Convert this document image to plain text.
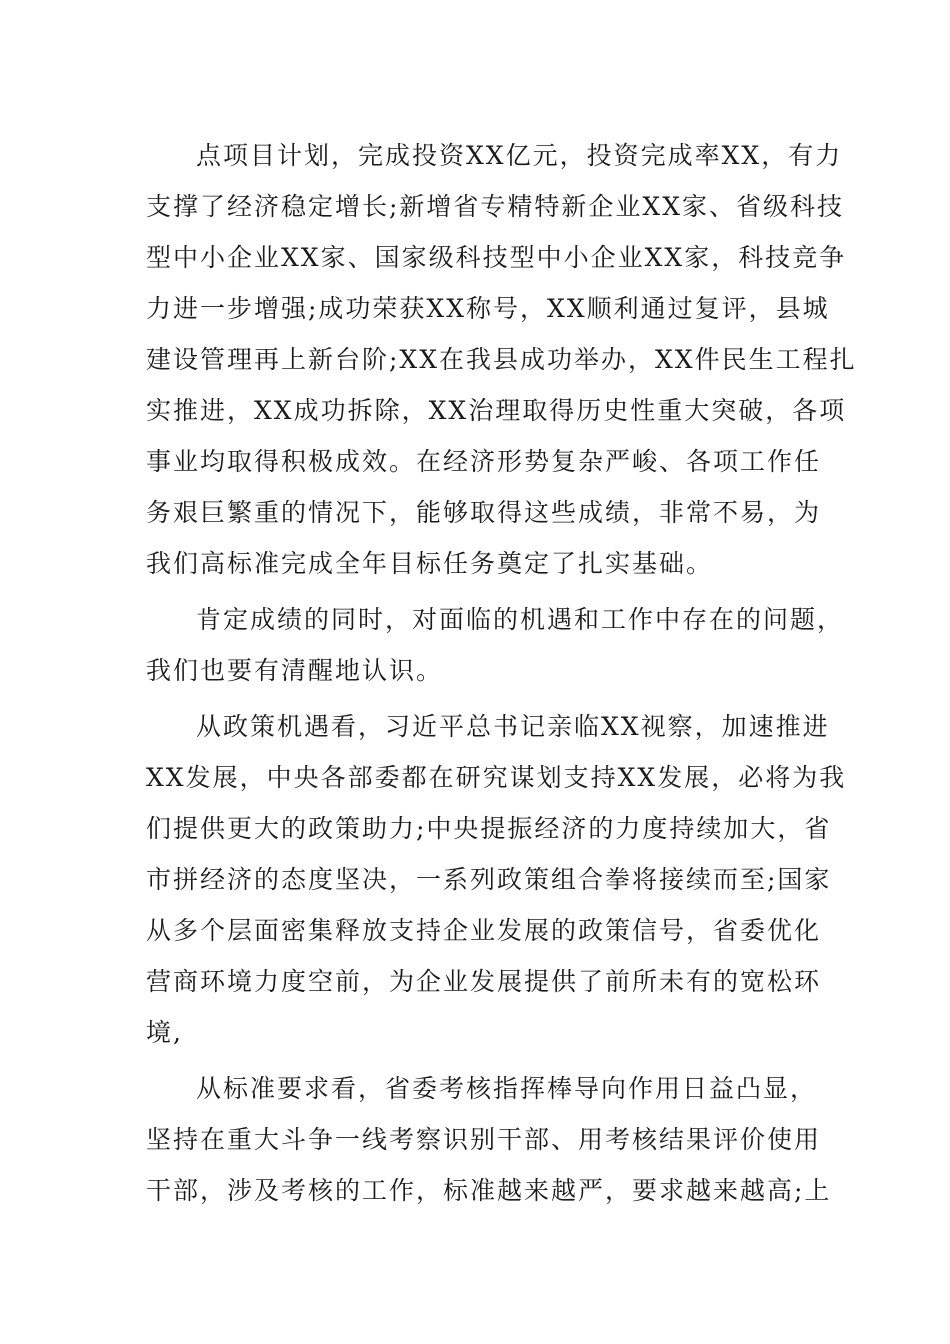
点项目计划，完成投资XX亿元，投资完成率XX，有力
支撑了经济稳定增长;新增省专精特新企业XX家、省级科技
型中小企业XX家、国家级科技型中小企业XX家，科技竞争
力进一步增强;成功荣获XX称号，XX顺利通过复评，县城
建设管理再上新台阶;XX在我县成功举办，XX件民生工程扎
实推进，XX成功拆除，XX治理取得历史性重大突破，各项
事业均取得积极成效。在经济形势复杂严峻、各项工作任
务艰巨繁重的情况下，能够取得这些成绩，非常不易，为
我们高标准完成全年目标任务奠定了扎实基础。
肯定成绩的同时，对面临的机遇和工作中存在的问题，
我们也要有清醒地认识。
从政策机遇看，习近平总书记亲临XX视察，加速推进
XX发展，中央各部委都在研究谋划支持XX发展，必将为我
们提供更大的政策助力;中央提振经济的力度持续加大，省
市拼经济的态度坚决，一系列政策组合拳将接续而至;国家
从多个层面密集释放支持企业发展的政策信号，省委优化
营商环境力度空前，为企业发展提供了前所未有的宽松环
境,
从标准要求看，省委考核指挥棒导向作用日益凸显，
坚持在重大斗争一线考察识别干部、用考核结果评价使用
干部，涉及考核的工作，标准越来越严，要求越来越高;上
